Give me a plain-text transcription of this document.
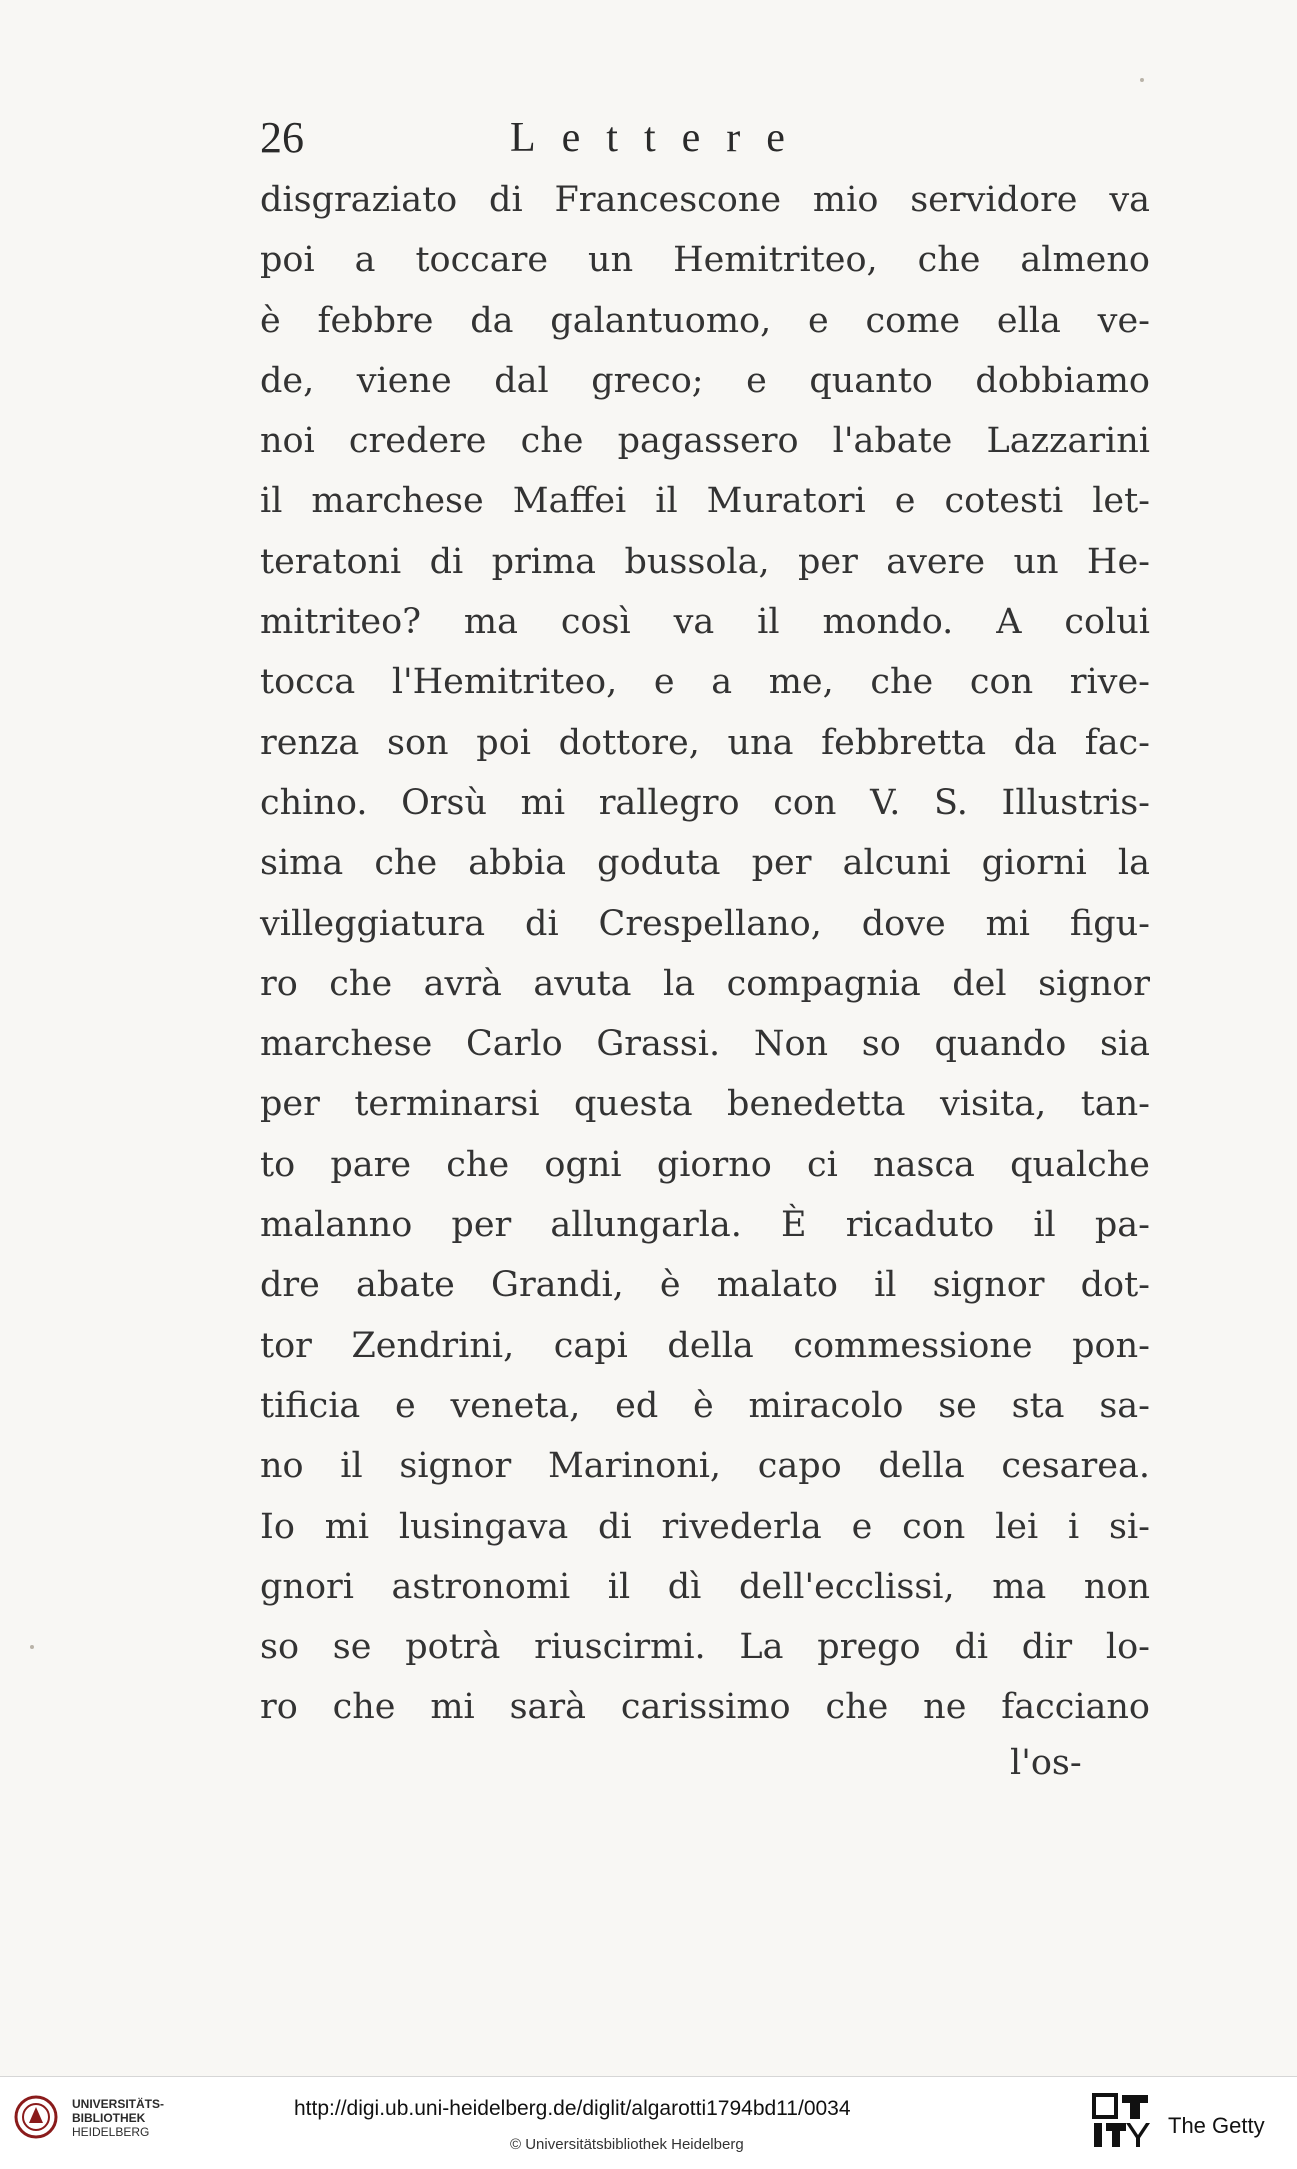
26	Lettere
disgraziato di Francescone mio servidore va
poi a toccare un Hemitriteo, che almeno
è febbre da galantuomo, e come ella ve-
de, viene dal greco; e quanto dobbiamo
noi credere che pagassero l'abate Lazzarini
il marchese Maffei il Muratori e cotesti let-
teratoni di prima bussola, per avere un He-
mitriteo? ma così va il mondo. A colui
tocca l'Hemitriteo, e a me, che con rive-
renza son poi dottore, una febbretta da fac-
chino. Orsù mi rallegro con V. S. Illustris-
sima che abbia goduta per alcuni giorni la
villeggiatura di Crespellano, dove mi figu-
ro che avrà avuta la compagnia del signor
marchese Carlo Grassi. Non so quando sia
per terminarsi questa benedetta visita, tan-
to pare che ogni giorno ci nasca qualche
malanno per allungarla. È ricaduto il pa-
dre abate Grandi, è malato il signor dot-
tor Zendrini, capi della commessione pon-
tificia e veneta, ed è miracolo se sta sa-
no il signor Marinoni, capo della cesarea.
Io mi lusingava di rivederla e con lei i si-
gnori astronomi il dì dell'ecclissi, ma non
so se potrà riuscirmi. La prego di dir lo-
ro che mi sarà carissimo che ne facciano
l'os-
UNIVERSITÄTS-
BIBLIOTHEK
HEIDELBERG
http://digi.ub.uni-heidelberg.de/diglit/algarotti1794bd11/0034
© Universitätsbibliothek Heidelberg
The Getty
